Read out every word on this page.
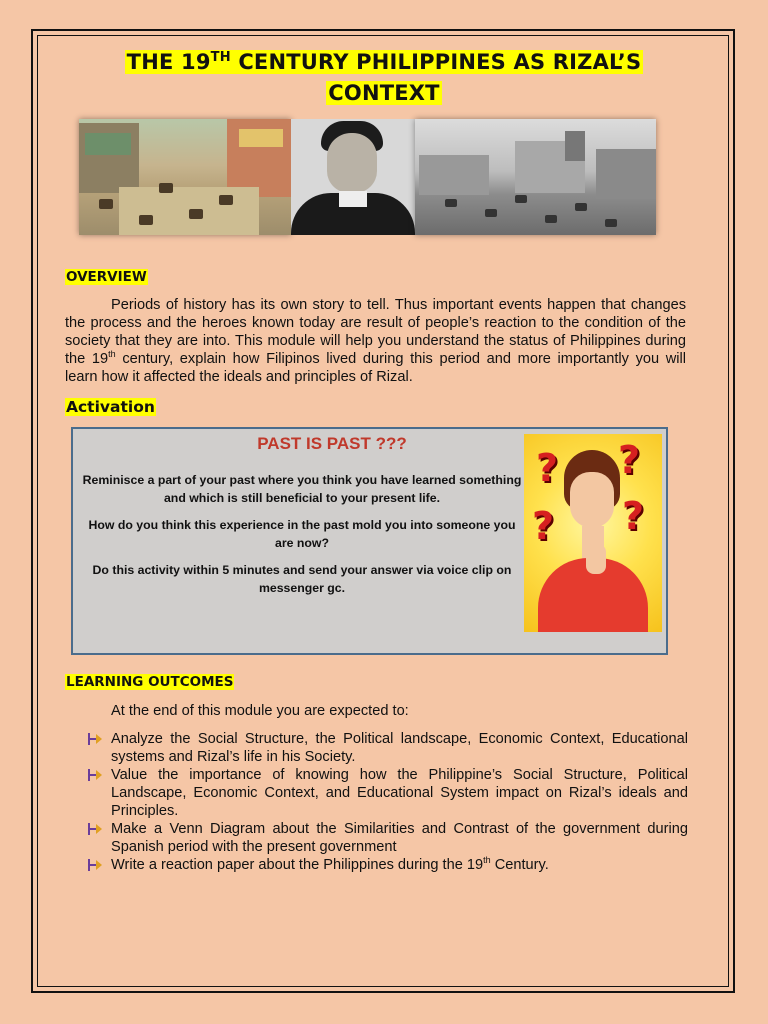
THE 19TH CENTURY PHILIPPINES AS RIZAL’S
CONTEXT
OVERVIEW
Periods of history has its own story to tell. Thus important events happen that changes the process and the heroes known today are result of people’s reaction to the condition of the society that they are into. This module will help you understand the status of Philippines during the 19th century, explain how Filipinos lived during this period and more importantly you will learn how it affected the ideals and principles of Rizal.
Activation
PAST IS PAST ???
Reminisce a part of your past where you think you have learned something and which is still beneficial to your present life.
How do you think this experience in the past mold you into someone you are now?
Do this activity within 5 minutes and send your answer via voice clip on messenger gc.
? ?
? ?
LEARNING OUTCOMES
At the end of this module you are expected to:
Analyze the Social Structure, the Political landscape, Economic Context, Educational systems and Rizal’s life in his Society.
Value the importance of knowing how the Philippine’s Social Structure, Political Landscape, Economic Context, and Educational System impact on Rizal’s ideals and Principles.
Make a Venn Diagram about the Similarities and Contrast of the government during Spanish period with the present government
Write a reaction paper about the Philippines during the 19th Century.
